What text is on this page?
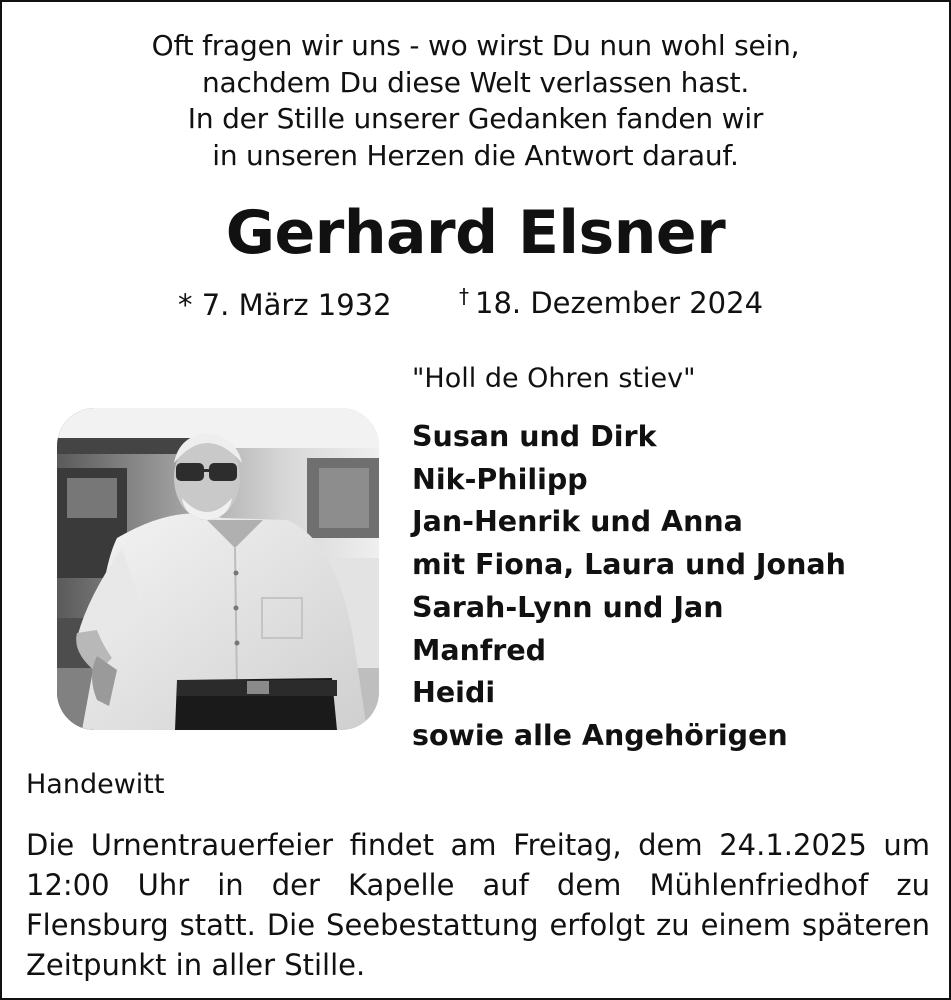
Oft fragen wir uns - wo wirst Du nun wohl sein,
nachdem Du diese Welt verlassen hast.
In der Stille unserer Gedanken fanden wir
in unseren Herzen die Antwort darauf.
Gerhard Elsner
* 7. März 1932	† 18. Dezember 2024
"Holl de Ohren stiev"
Susan und Dirk
Nik-Philipp
Jan-Henrik und Anna
mit Fiona, Laura und Jonah
Sarah-Lynn und Jan
Manfred
Heidi
sowie alle Angehörigen
Handewitt
Die Urnentrauerfeier findet am Freitag, dem 24.1.2025 um 12:00 Uhr in der Kapelle auf dem Mühlenfriedhof zu Flensburg statt. Die Seebestattung erfolgt zu einem späteren Zeitpunkt in aller Stille.
